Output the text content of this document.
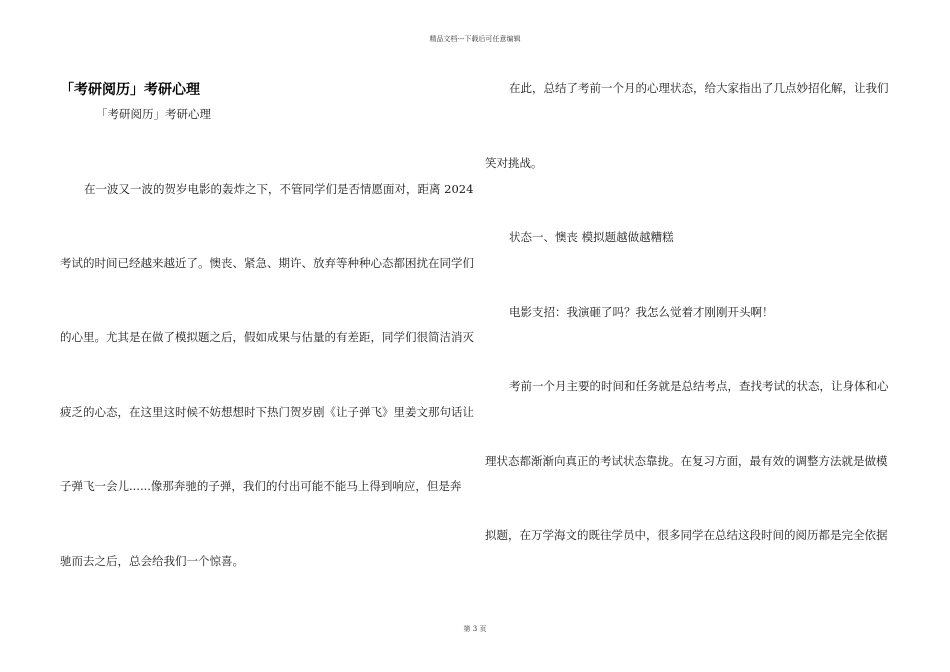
精品文档---下载后可任意编辑
「考研阅历」考研心理
「考研阅历」考研心理
在一波又一波的贺岁电影的轰炸之下，不管同学们是否情愿面对，距离 2024
考试的时间已经越来越近了。懊丧、紧急、期许、放弃等种种心态都困扰在同学们
的心里。尤其是在做了模拟题之后，假如成果与估量的有差距，同学们很简洁消灭
疲乏的心态，在这里这时候不妨想想时下热门贺岁剧《让子弹飞》里姜文那句话让
子弹飞一会儿......像那奔驰的子弹，我们的付出可能不能马上得到响应，但是奔
驰而去之后，总会给我们一个惊喜。
在此，总结了考前一个月的心理状态，给大家指出了几点妙招化解，让我们
笑对挑战。
状态一、懊丧 模拟题越做越糟糕
电影支招：我演砸了吗？我怎么觉着才刚刚开头啊！
考前一个月主要的时间和任务就是总结考点，查找考试的状态，让身体和心
理状态都渐渐向真正的考试状态靠拢。在复习方面，最有效的调整方法就是做模
拟题，在万学海文的既往学员中，很多同学在总结这段时间的阅历都是完全依据
第 3 页
